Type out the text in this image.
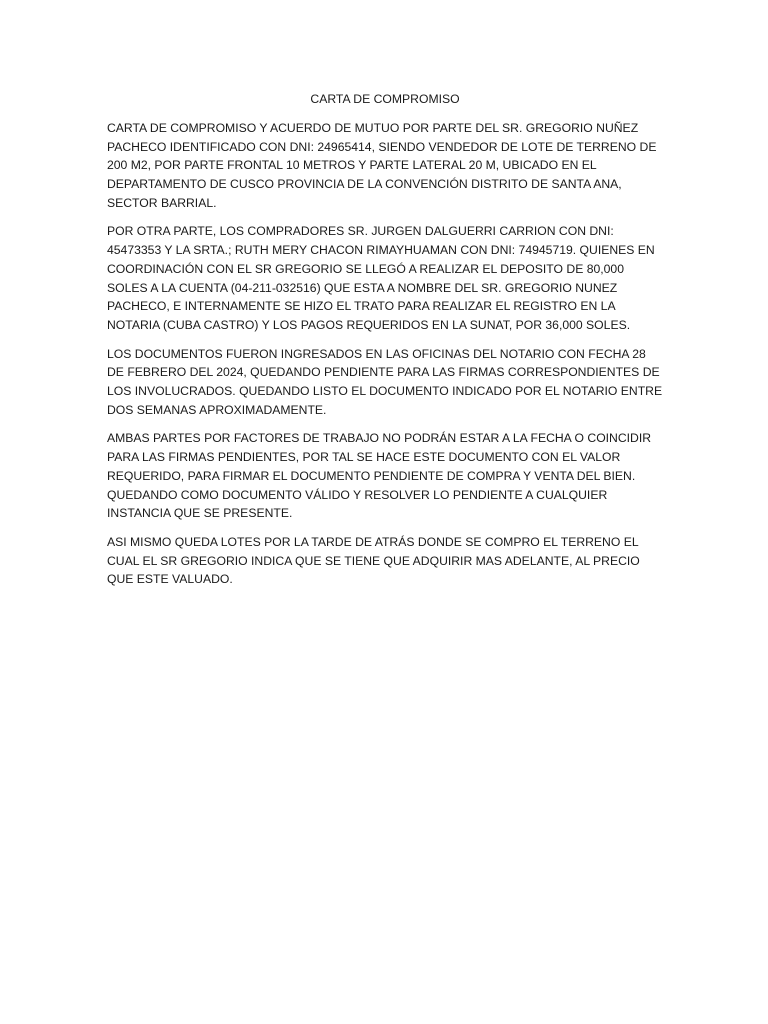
CARTA DE COMPROMISO

CARTA DE COMPROMISO Y ACUERDO DE MUTUO POR PARTE DEL SR. GREGORIO NUÑEZ PACHECO IDENTIFICADO CON DNI: 24965414, SIENDO VENDEDOR DE LOTE DE TERRENO DE 200 M2, POR PARTE FRONTAL 10 METROS Y PARTE LATERAL 20 M, UBICADO EN EL DEPARTAMENTO DE CUSCO PROVINCIA DE LA CONVENCIÓN DISTRITO DE SANTA ANA, SECTOR BARRIAL.

POR OTRA PARTE, LOS COMPRADORES SR. JURGEN DALGUERRI CARRION CON DNI: 45473353 Y LA SRTA.; RUTH MERY CHACON RIMAYHUAMAN CON DNI: 74945719. QUIENES EN COORDINACIÓN CON EL SR GREGORIO SE LLEGÓ A REALIZAR EL DEPOSITO DE 80,000 SOLES A LA CUENTA (04-211-032516) QUE ESTA A NOMBRE DEL SR. GREGORIO NUNEZ PACHECO, E INTERNAMENTE SE HIZO EL TRATO PARA REALIZAR EL REGISTRO EN LA NOTARIA (CUBA CASTRO) Y LOS PAGOS REQUERIDOS EN LA SUNAT, POR 36,000 SOLES.

LOS DOCUMENTOS FUERON INGRESADOS EN LAS OFICINAS DEL NOTARIO CON FECHA 28 DE FEBRERO DEL 2024, QUEDANDO PENDIENTE PARA LAS FIRMAS CORRESPONDIENTES DE LOS INVOLUCRADOS. QUEDANDO LISTO EL DOCUMENTO INDICADO POR EL NOTARIO ENTRE DOS SEMANAS APROXIMADAMENTE.

AMBAS PARTES POR FACTORES DE TRABAJO NO PODRÁN ESTAR A LA FECHA O COINCIDIR PARA LAS FIRMAS PENDIENTES, POR TAL SE HACE ESTE DOCUMENTO CON EL VALOR REQUERIDO, PARA FIRMAR EL DOCUMENTO PENDIENTE DE COMPRA Y VENTA DEL BIEN. QUEDANDO COMO DOCUMENTO VÁLIDO Y RESOLVER LO PENDIENTE A CUALQUIER INSTANCIA QUE SE PRESENTE.

ASI MISMO QUEDA LOTES POR LA TARDE DE ATRÁS DONDE SE COMPRO EL TERRENO EL CUAL EL SR GREGORIO INDICA QUE SE TIENE QUE ADQUIRIR MAS ADELANTE, AL PRECIO QUE ESTE VALUADO.
